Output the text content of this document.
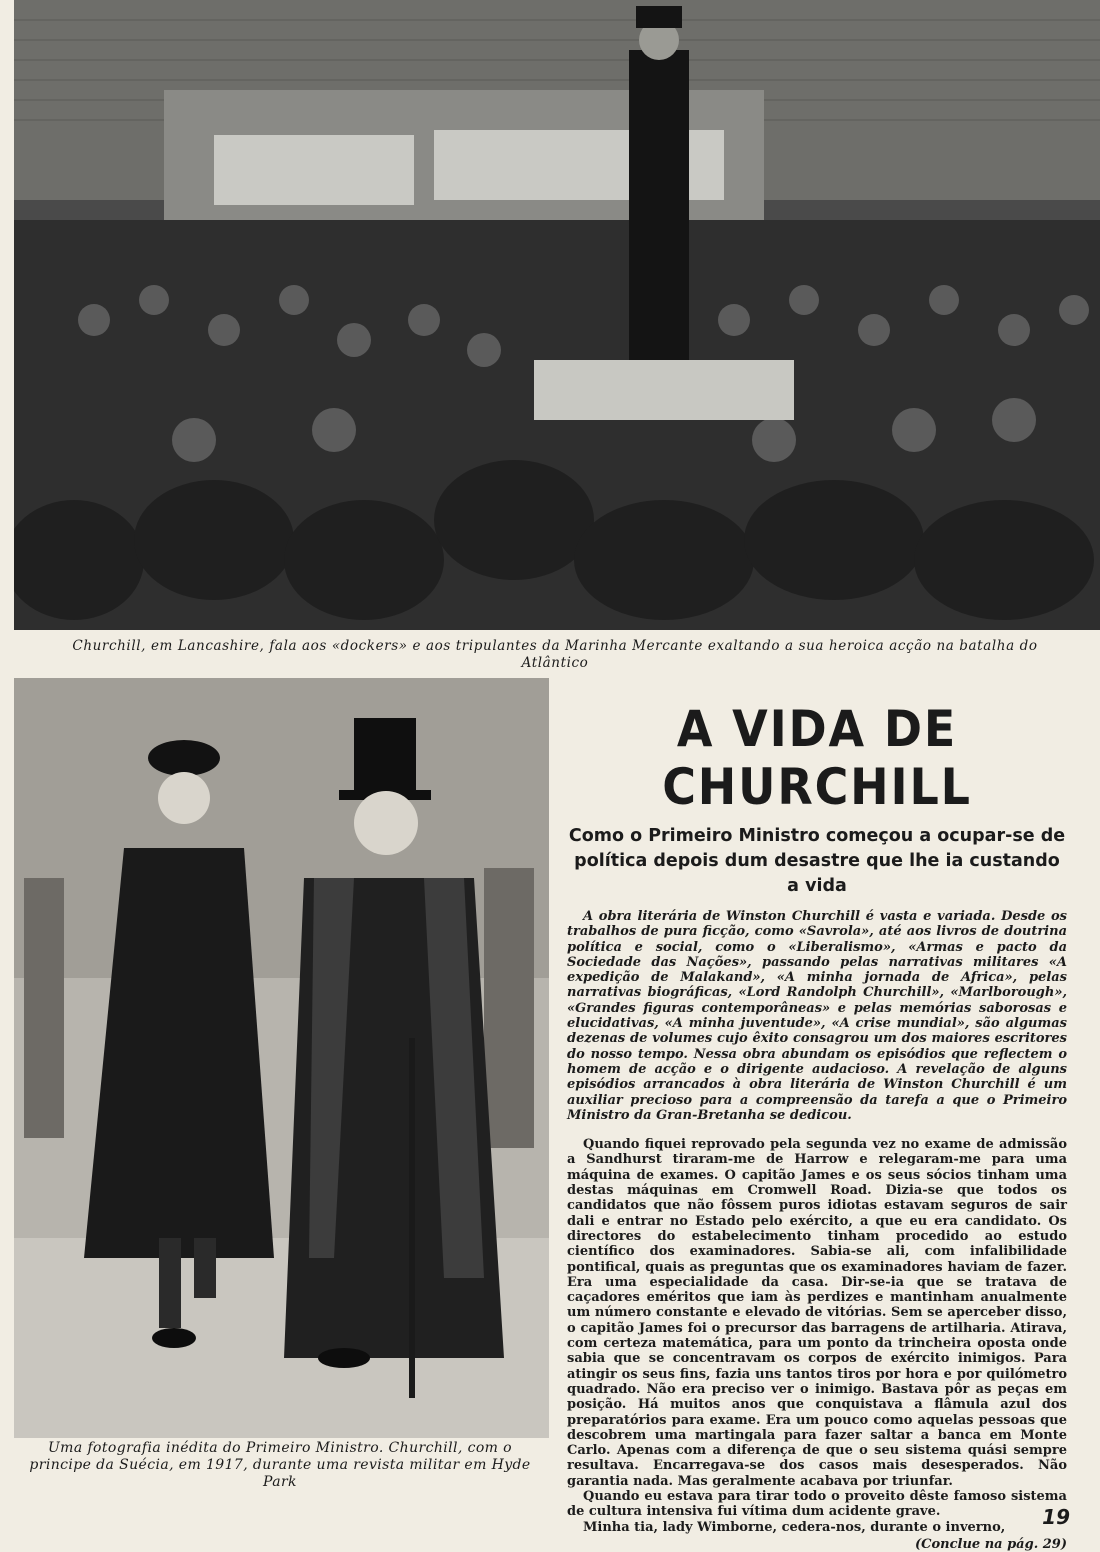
Churchill, em Lancashire, fala aos «dockers» e aos tripulantes da Marinha Mercante exaltando a sua heroica acção na batalha do Atlântico
Uma fotografia inédita do Primeiro Ministro. Churchill, com o principe da Suécia, em 1917, durante uma revista militar em Hyde Park
A VIDA DE CHURCHILL
Como o Primeiro Ministro começou a ocupar-se de política depois dum desastre que lhe ia custando a vida

A obra literária de Winston Churchill é vasta e variada. Desde os trabalhos de pura ficção, como «Savrola», até aos livros de doutrina política e social, como o «Liberalismo», «Armas e pacto da Sociedade das Nações», passando pelas narrativas militares «A expedição de Malakand», «A minha jornada de Africa», pelas narrativas biográficas, «Lord Randolph Churchill», «Marlborough», «Grandes figuras contemporâneas» e pelas memórias saborosas e elucidativas, «A minha juventude», «A crise mundial», são algumas dezenas de volumes cujo êxito consagrou um dos maiores escritores do nosso tempo. Nessa obra abundam os episódios que reflectem o homem de acção e o dirigente audacioso. A revelação de alguns episódios arrancados à obra literária de Winston Churchill é um auxiliar precioso para a compreensão da tarefa a que o Primeiro Ministro da Gran-Bretanha se dedicou.

Quando fiquei reprovado pela segunda vez no exame de admissão a Sandhurst tiraram-me de Harrow e relegaram-me para uma máquina de exames. O capitão James e os seus sócios tinham uma destas máquinas em Cromwell Road. Dizia-se que todos os candidatos que não fôssem puros idiotas estavam seguros de sair dali e entrar no Estado pelo exército, a que eu era candidato. Os directores do estabelecimento tinham procedido ao estudo científico dos examinadores. Sabia-se ali, com infalibilidade pontifical, quais as preguntas que os examinadores haviam de fazer. Era uma especialidade da casa. Dir-se-ia que se tratava de caçadores eméritos que iam às perdizes e mantinham anualmente um número constante e elevado de vitórias. Sem se aperceber disso, o capitão James foi o precursor das barragens de artilharia. Atirava, com certeza matemática, para um ponto da trincheira oposta onde sabia que se concentravam os corpos de exército inimigos. Para atingir os seus fins, fazia uns tantos tiros por hora e por quilómetro quadrado. Não era preciso ver o inimigo. Bastava pôr as peças em posição. Há muitos anos que conquistava a flâmula azul dos preparatórios para exame. Era um pouco como aquelas pessoas que descobrem uma martingala para fazer saltar a banca em Monte Carlo. Apenas com a diferença de que o seu sistema quási sempre resultava. Encarregava-se dos casos mais desesperados. Não garantia nada. Mas geralmente acabava por triunfar.

Quando eu estava para tirar todo o proveito dêste famoso sistema de cultura intensiva fui vítima dum acidente grave.

Minha tia, lady Wimborne, cedera-nos, durante o inverno,

(Conclue na pág. 29)
19
